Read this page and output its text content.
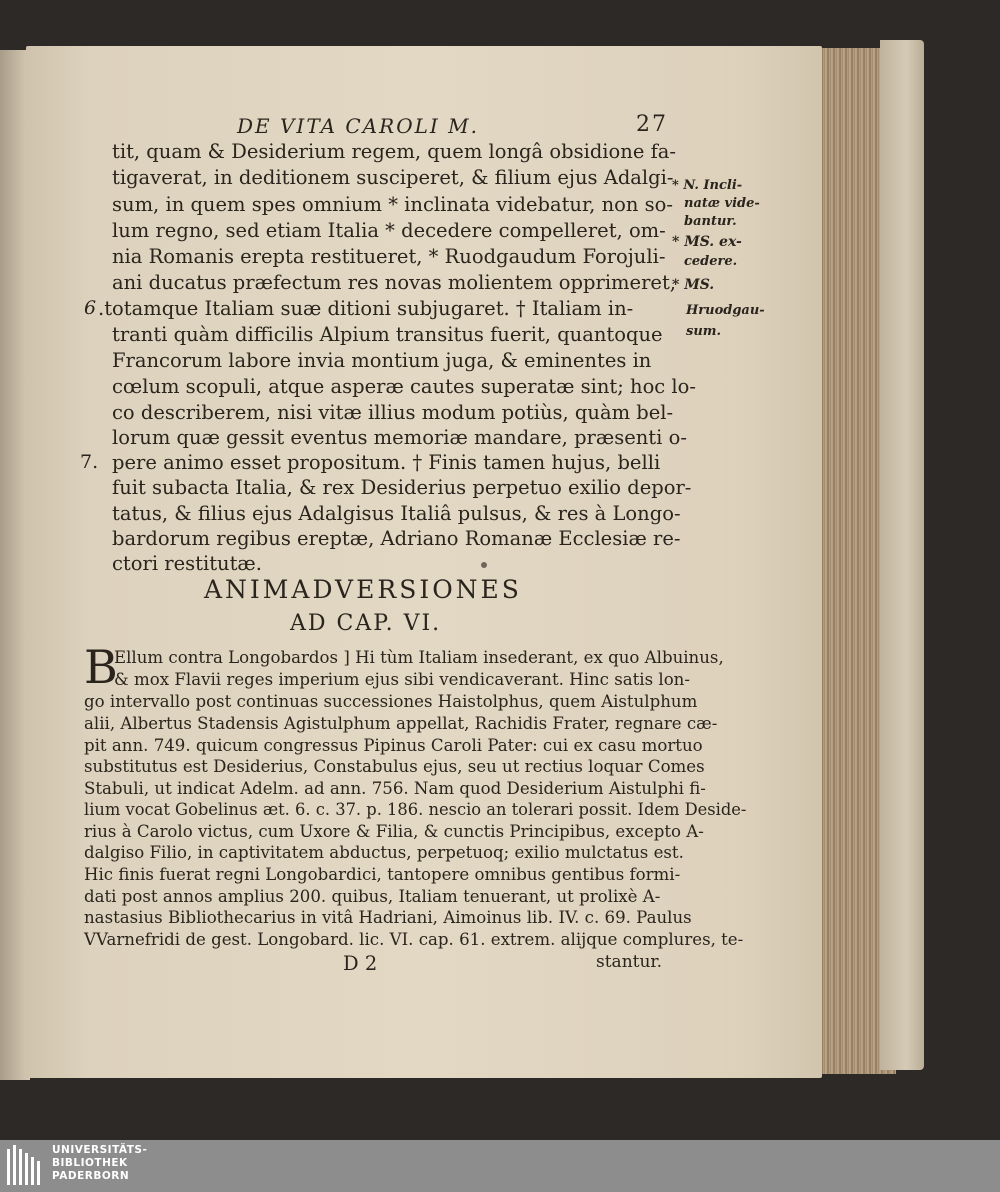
DE VITA CAROLI M.	27
tit, quam & Desiderium regem, quem longâ obsidione fa-
tigaverat, in deditionem susciperet, & filium ejus Adalgi-
sum, in quem spes omnium * inclinata videbatur, non so-
lum regno, sed etiam Italia * decedere compelleret, om-
nia Romanis erepta restitueret, * Ruodgaudum Forojuli-
ani ducatus præfectum res novas molientem opprimeret,
.totamque Italiam suæ ditioni subjugaret. † Italiam in-
tranti quàm difficilis Alpium transitus fuerit, quantoque
Francorum labore invia montium juga, & eminentes in
cœlum scopuli, atque asperæ cautes superatæ sint; hoc lo-
co describerem, nisi vitæ illius modum potiùs, quàm bel-
lorum quæ gessit eventus memoriæ mandare, præsenti o-
pere animo esset propositum. † Finis tamen hujus, belli
fuit subacta Italia, & rex Desiderius perpetuo exilio depor-
tatus, & filius ejus Adalgisus Italiâ pulsus, & res à Longo-
bardorum regibus ereptæ, Adriano Romanæ Ecclesiæ re-
ctori restitutæ.
6
7.
* N. Incli-
natæ vide-
bantur.
* MS. ex-
cedere.
* MS.
Hruodgau-
sum.
ANIMADVERSIONES
AD CAP. VI.
B
Ellum contra Longobardos ] Hi tùm Italiam insederant, ex quo Albuinus,
& mox Flavii reges imperium ejus sibi vendicaverant. Hinc satis lon-
go intervallo post continuas successiones Haistolphus, quem Aistulphum
alii, Albertus Stadensis Agistulphum appellat, Rachidis Frater, regnare cæ-
pit ann. 749. quicum congressus Pipinus Caroli Pater: cui ex casu mortuo
substitutus est Desiderius, Constabulus ejus, seu ut rectius loquar Comes
Stabuli, ut indicat Adelm. ad ann. 756. Nam quod Desiderium Aistulphi fi-
lium vocat Gobelinus æt. 6. c. 37. p. 186. nescio an tolerari possit. Idem Deside-
rius à Carolo victus, cum Uxore & Filia, & cunctis Principibus, excepto A-
dalgiso Filio, in captivitatem abductus, perpetuoq; exilio mulctatus est.
Hic finis fuerat regni Longobardici, tantopere omnibus gentibus formi-
dati post annos amplius 200. quibus, Italiam tenuerant, ut prolixè A-
nastasius Bibliothecarius in vitâ Hadriani, Aimoinus lib. IV. c. 69. Paulus
VVarnefridi de gest. Longobard. lic. VI. cap. 61. extrem. alijque complures, te-
D 2	stantur.
UNIVERSITÄTS-
BIBLIOTHEK
PADERBORN
